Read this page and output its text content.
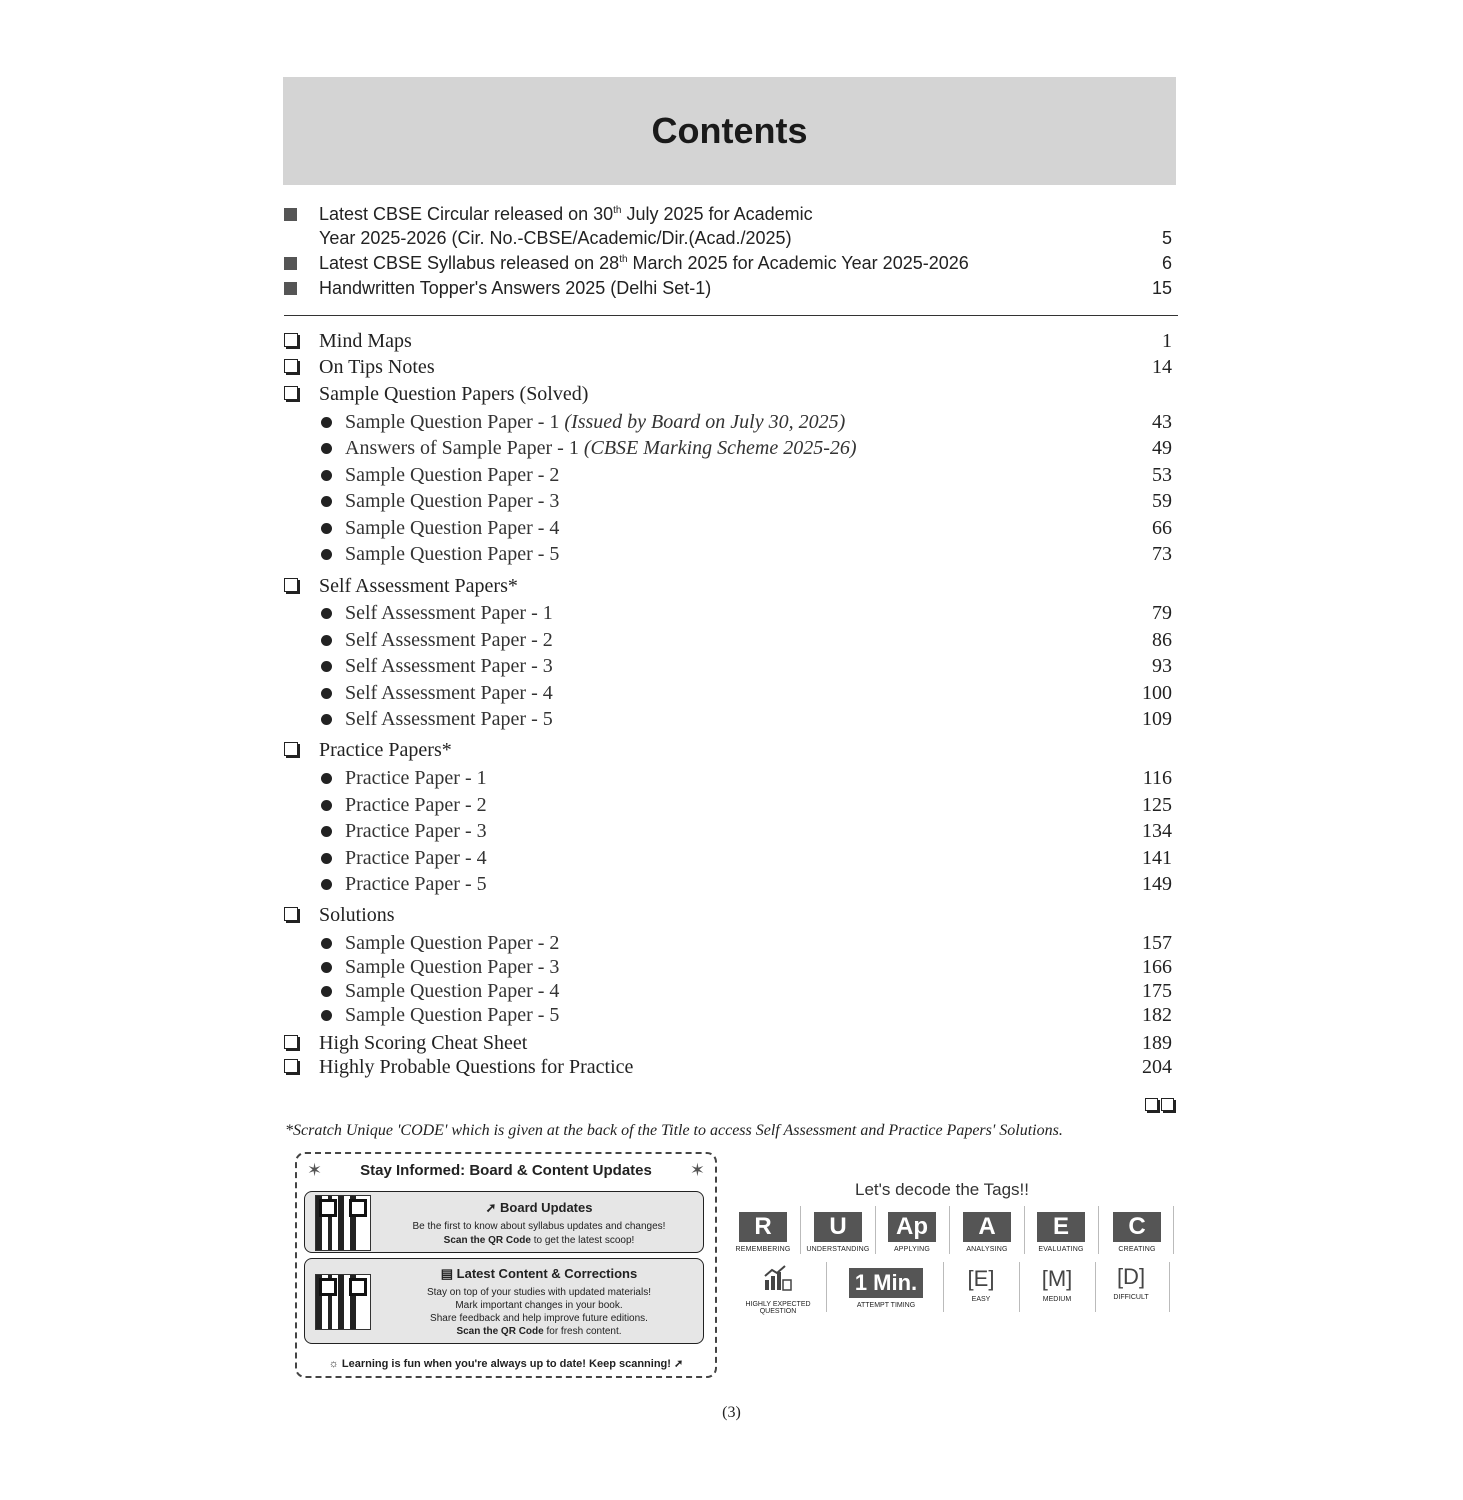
Contents
Latest CBSE Circular released on 30th July 2025 for Academic
Year 2025-2026 (Cir. No.-CBSE/Academic/Dir.(Acad./2025)	5
Latest CBSE Syllabus released on 28th March 2025 for Academic Year 2025-2026	6
Handwritten Topper's Answers 2025 (Delhi Set-1)	15
Mind Maps	1
On Tips Notes	14
Sample Question Papers (Solved)
Sample Question Paper - 1 (Issued by Board on July 30, 2025)	43
Answers of Sample Paper - 1 (CBSE Marking Scheme 2025-26)	49
Sample Question Paper - 2	53
Sample Question Paper - 3	59
Sample Question Paper - 4	66
Sample Question Paper - 5	73
Self Assessment Papers*
Self Assessment Paper - 1	79
Self Assessment Paper - 2	86
Self Assessment Paper - 3	93
Self Assessment Paper - 4	100
Self Assessment Paper - 5	109
Practice Papers*
Practice Paper - 1	116
Practice Paper - 2	125
Practice Paper - 3	134
Practice Paper - 4	141
Practice Paper - 5	149
Solutions
Sample Question Paper - 2	157
Sample Question Paper - 3	166
Sample Question Paper - 4	175
Sample Question Paper - 5	182
High Scoring Cheat Sheet	189
Highly Probable Questions for Practice	204
*Scratch Unique 'CODE' which is given at the back of the Title to access Self Assessment and Practice Papers' Solutions.
✶	Stay Informed: Board & Content Updates	✶
➚ Board Updates
Be the first to know about syllabus updates and changes!
Scan the QR Code to get the latest scoop!
▤ Latest Content & Corrections
Stay on top of your studies with updated materials!
Mark important changes in your book.
Share feedback and help improve future editions.
Scan the QR Code for fresh content.
☼ Learning is fun when you're always up to date! Keep scanning! ➚
Let's decode the Tags!!
R
REMEMBERING
U
UNDERSTANDING
Ap
APPLYING
A
ANALYSING
E
EVALUATING
C
CREATING
HIGHLY EXPECTED QUESTION
1 Min.
ATTEMPT TIMING
[E]
EASY
[M]
MEDIUM
[D]
DIFFICULT
(3)
